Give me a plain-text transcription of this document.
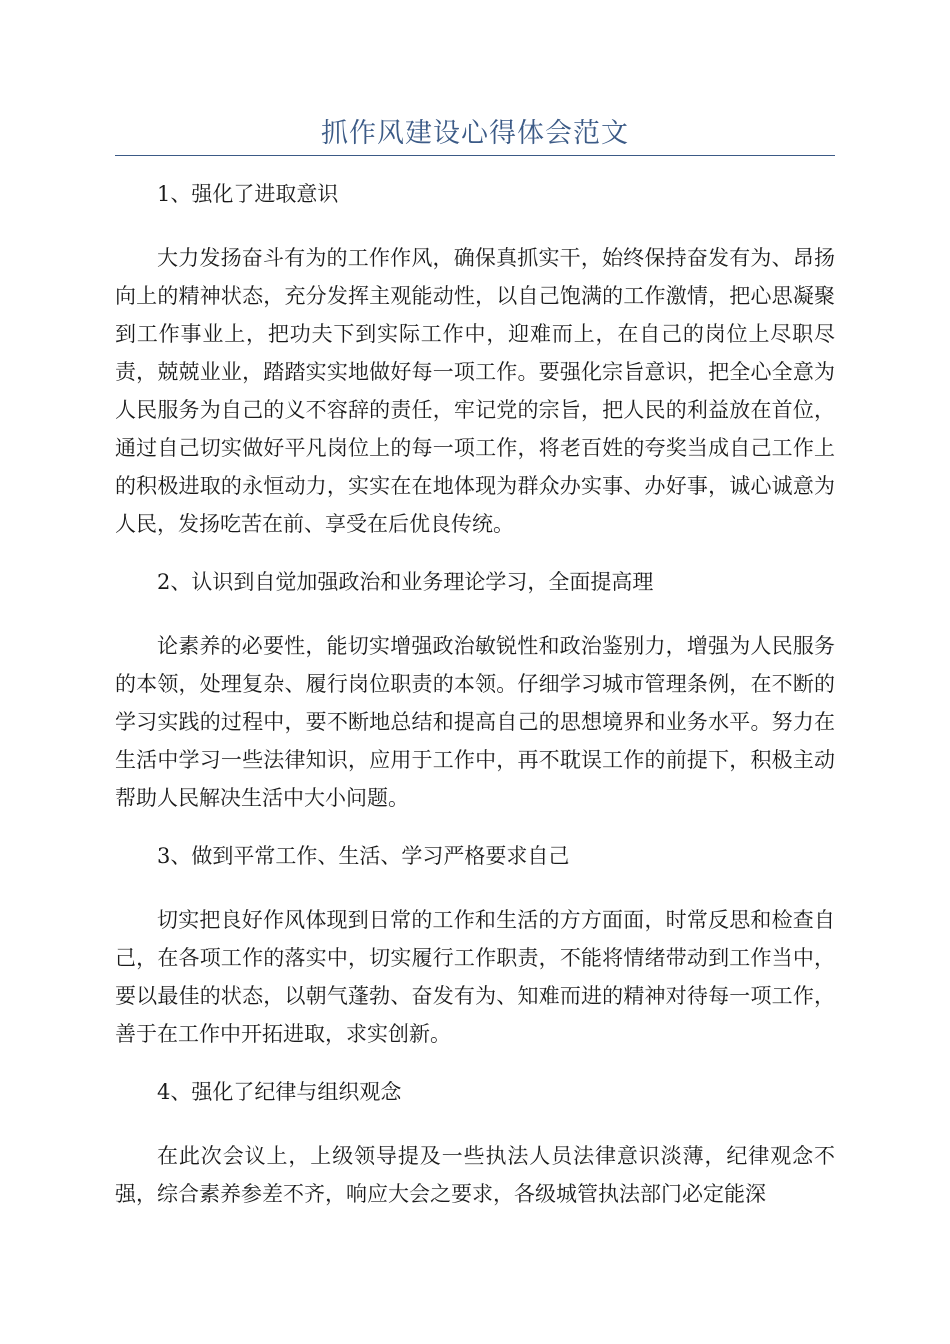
抓作风建设心得体会范文

1、强化了进取意识

大力发扬奋斗有为的工作作风，确保真抓实干，始终保持奋发有为、昂扬向上的精神状态，充分发挥主观能动性，以自己饱满的工作激情，把心思凝聚到工作事业上，把功夫下到实际工作中，迎难而上，在自己的岗位上尽职尽责，兢兢业业，踏踏实实地做好每一项工作。要强化宗旨意识，把全心全意为人民服务为自己的义不容辞的责任，牢记党的宗旨，把人民的利益放在首位，通过自己切实做好平凡岗位上的每一项工作，将老百姓的夸奖当成自己工作上的积极进取的永恒动力，实实在在地体现为群众办实事、办好事，诚心诚意为人民，发扬吃苦在前、享受在后优良传统。

2、认识到自觉加强政治和业务理论学习，全面提高理

论素养的必要性，能切实增强政治敏锐性和政治鉴别力，增强为人民服务的本领，处理复杂、履行岗位职责的本领。仔细学习城市管理条例，在不断的学习实践的过程中，要不断地总结和提高自己的思想境界和业务水平。努力在生活中学习一些法律知识，应用于工作中，再不耽误工作的前提下，积极主动帮助人民解决生活中大小问题。

3、做到平常工作、生活、学习严格要求自己

切实把良好作风体现到日常的工作和生活的方方面面，时常反思和检查自己，在各项工作的落实中，切实履行工作职责，不能将情绪带动到工作当中，要以最佳的状态，以朝气蓬勃、奋发有为、知难而进的精神对待每一项工作，善于在工作中开拓进取，求实创新。

4、强化了纪律与组织观念

在此次会议上，上级领导提及一些执法人员法律意识淡薄，纪律观念不强，综合素养参差不齐，响应大会之要求，各级城管执法部门必定能深
